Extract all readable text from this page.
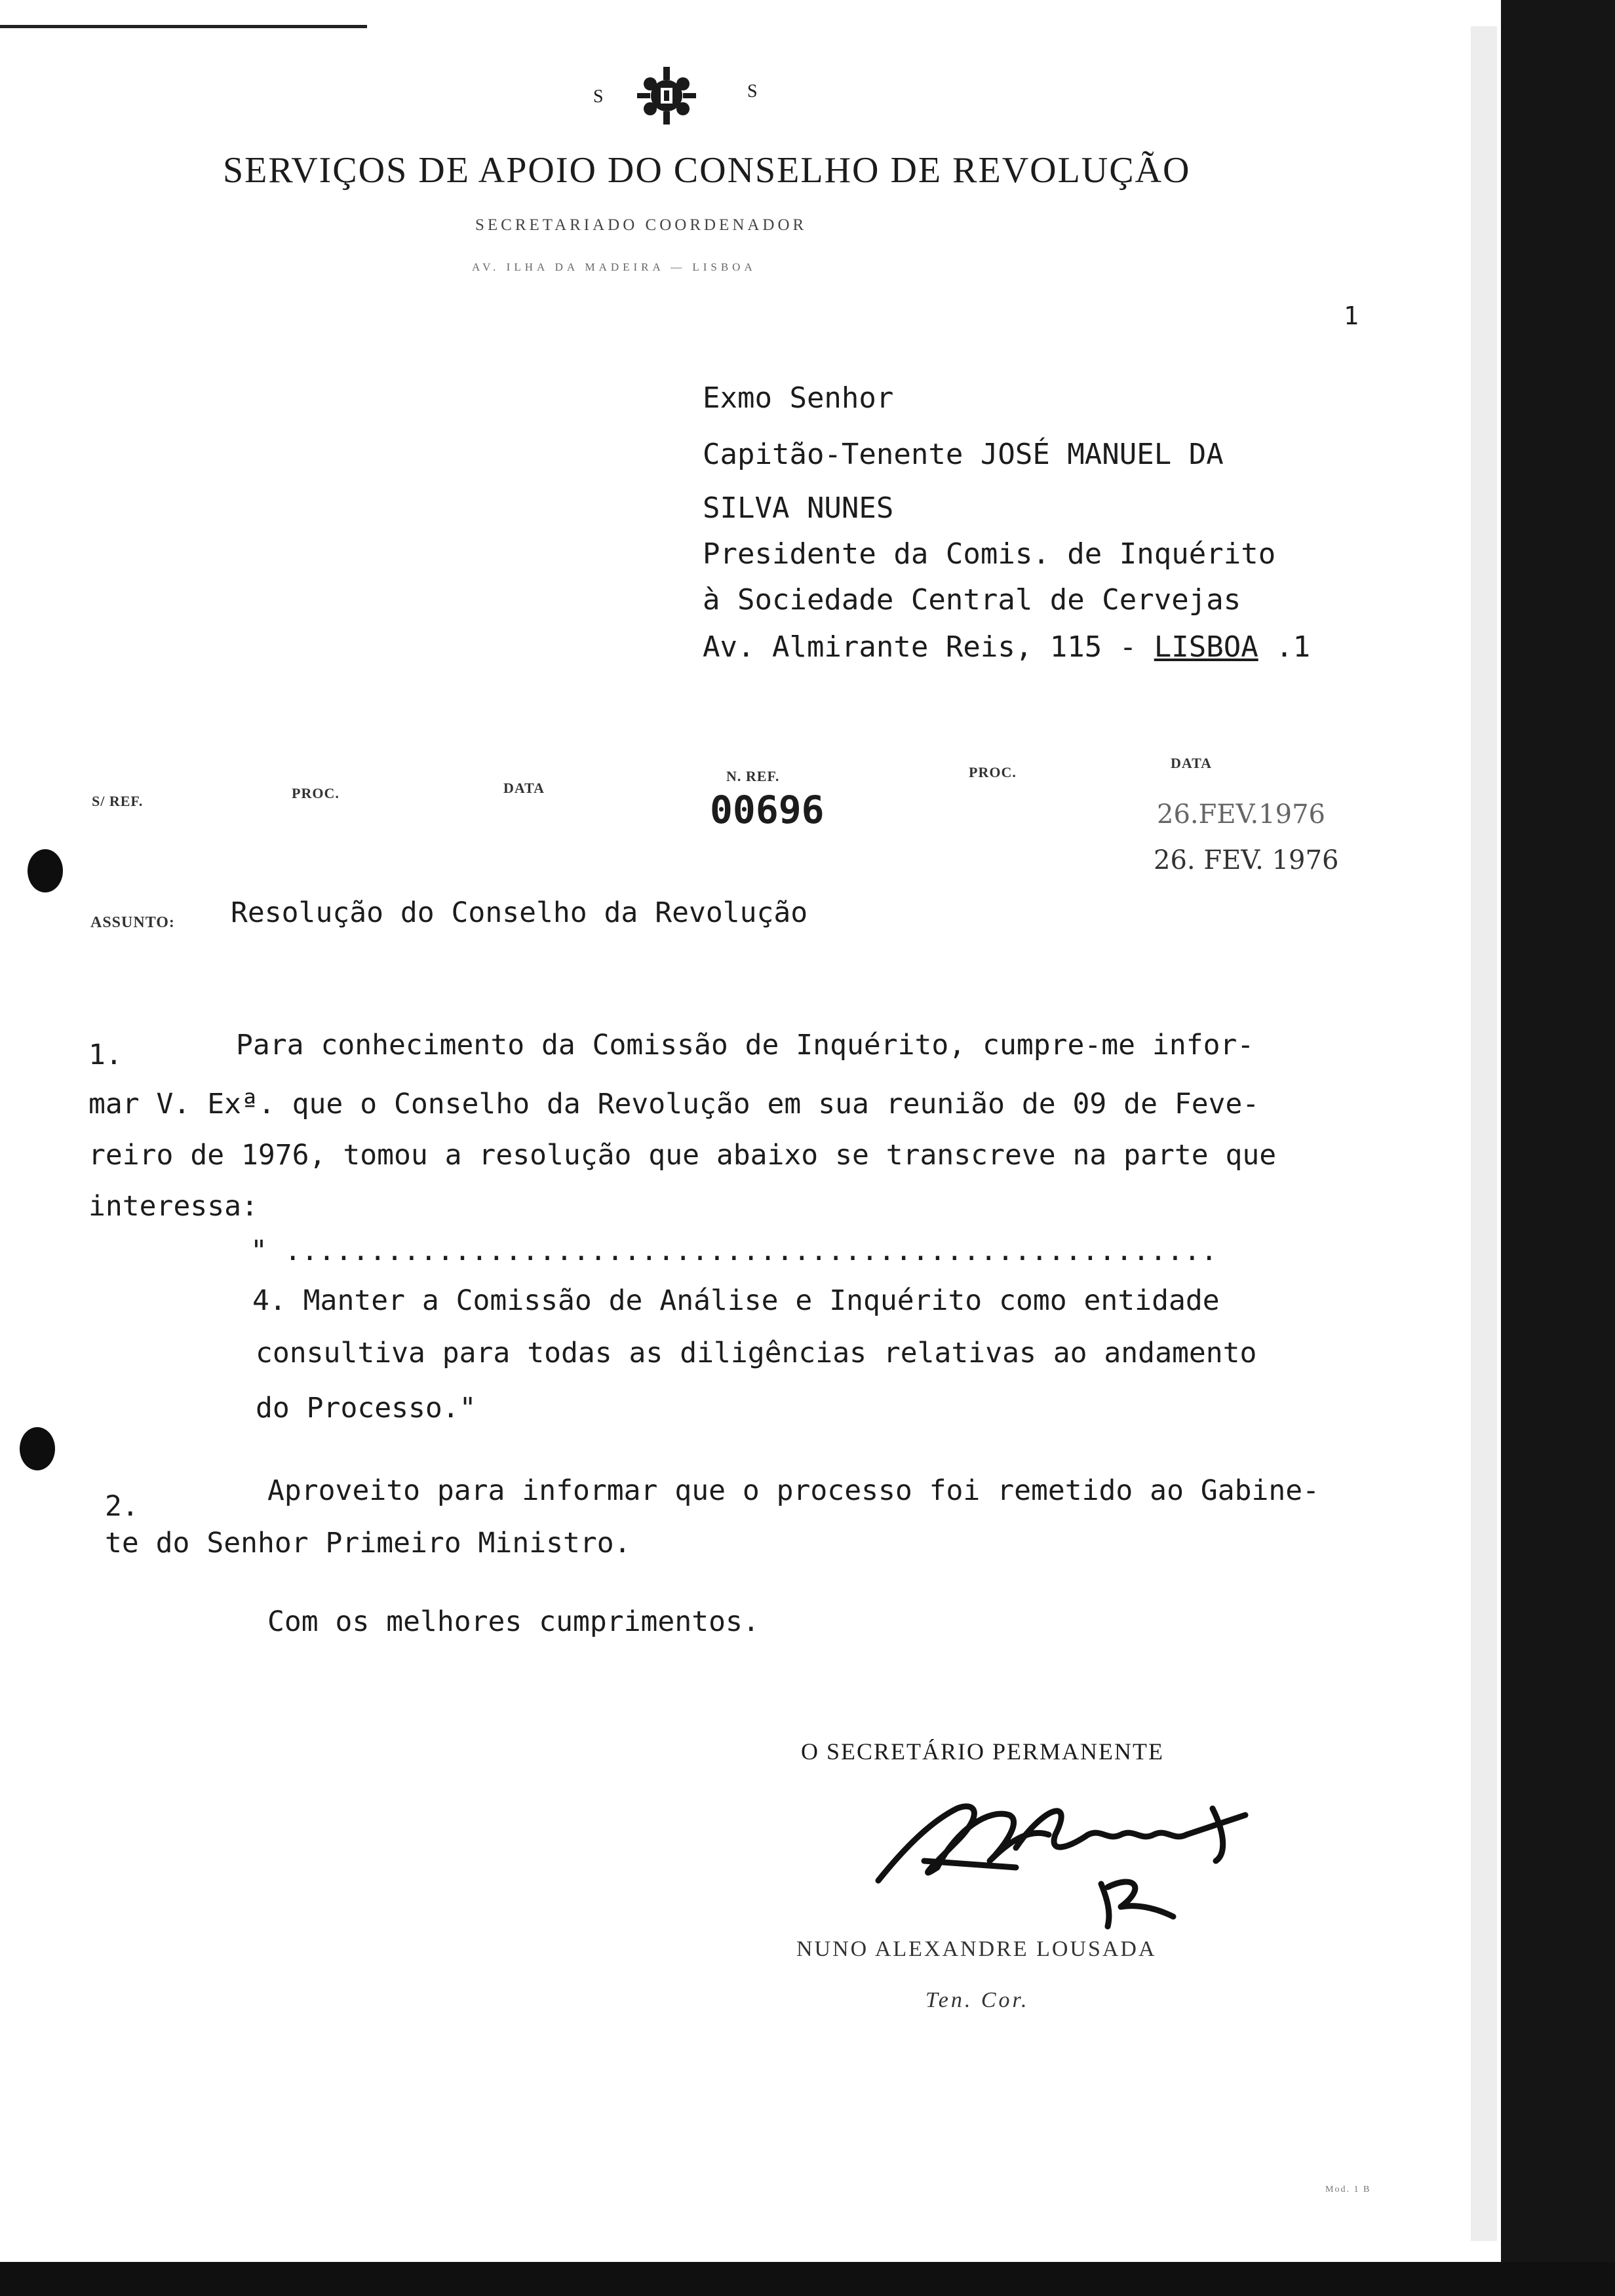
S	S
SERVIÇOS DE APOIO DO CONSELHO DE REVOLUÇÃO
SECRETARIADO COORDENADOR
AV. ILHA DA MADEIRA — LISBOA
1
Exmo Senhor
Capitão-Tenente JOSÉ MANUEL DA
SILVA NUNES
Presidente da Comis. de Inquérito
à Sociedade Central de Cervejas
Av. Almirante Reis, 115 - LISBOA .1
S/ REF.	PROC.	DATA
N. REF.
00696
PROC.
DATA
26.FEV.1976
26. FEV. 1976
ASSUNTO: Resolução do Conselho da Revolução
1.	Para conhecimento da Comissão de Inquérito, cumpre-me infor-
mar V. Exª. que o Conselho da Revolução em sua reunião de 09 de Feve-
reiro de 1976, tomou a resolução que abaixo se transcreve na parte que
interessa:
" .......................................................
4. Manter a Comissão de Análise e Inquérito como entidade
consultiva para todas as diligências relativas ao andamento
do Processo."
2.	Aproveito para informar que o processo foi remetido ao Gabine-
te do Senhor Primeiro Ministro.
Com os melhores cumprimentos.
O SECRETÁRIO PERMANENTE
NUNO ALEXANDRE LOUSADA
Ten. Cor.
Mod. 1 B
